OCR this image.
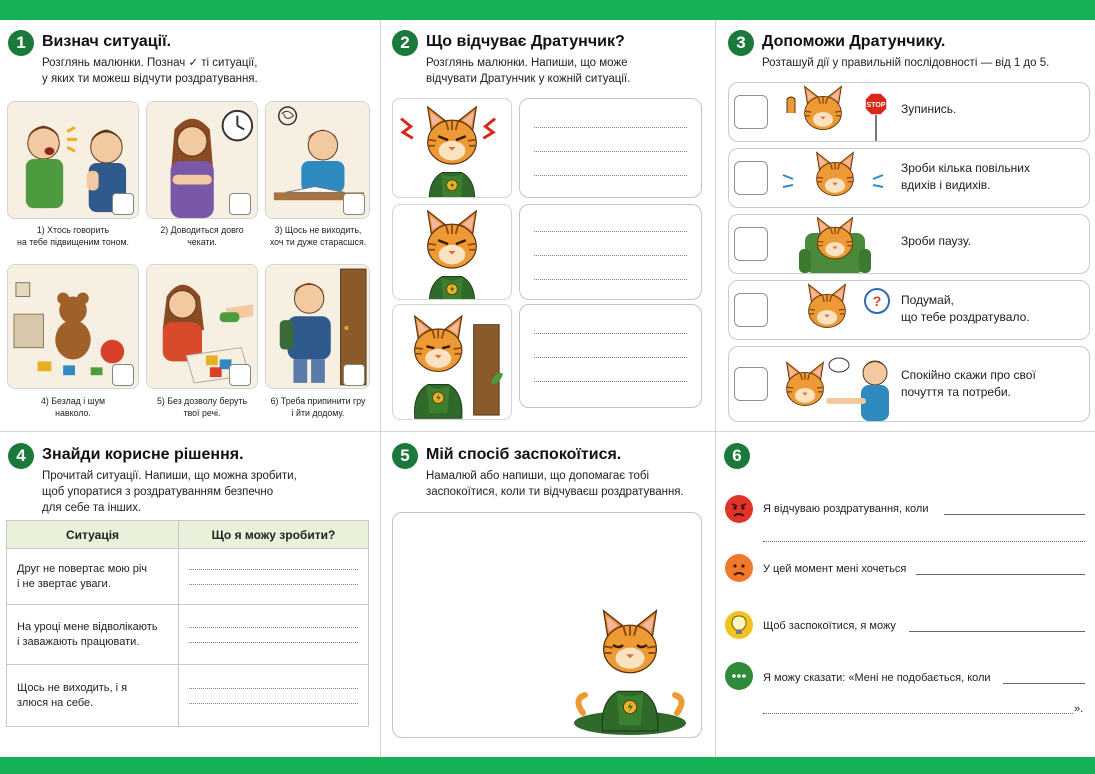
1	Визнач ситуації.
Розглянь малюнки. Познач ✓ ті ситуації,
у яких ти можеш відчути роздратування.
1) Хтось говорить
на тебе підвищеним тоном.
2) Доводиться довго
чекати.
3) Щось не виходить,
хоч ти дуже старасшся.
4) Безлад і шум
навколо.
5) Без дозволу беруть
твої речі.
6) Треба припинити гру
і йти додому.
2	Що відчуває Дратунчик?
Розглянь малюнки. Напиши, що може
відчувати Дратунчик у кожній ситуації.
3	Допоможи Дратунчику.
Розташуй дії у правильній послідовності — від 1 до 5.
STOP Зупинись.
Зроби кілька повільних
вдихів і видихів.
Зроби паузу.
? Подумай,
що тебе роздратувало.
Спокійно скажи про свої
почуття та потреби.
4	Знайди корисне рішення.
Прочитай ситуації. Напиши, що можна зробити,
щоб упоратися з роздратуванням безпечно
для себе та інших.
Ситуація	Що я можу зробити?

Друг не повертає мою річ
і не звертає уваги.	

На уроці мене відволікають
і заважають працювати.	

Щось не виходить, і я
злюся на себе.	

5	Мій спосіб заспокоїтися.
Намалюй або напиши, що допомагає тобі
заспокоїтися, коли ти відчуваєш роздратування.
6
Я відчуваю роздратування, коли
У цей момент мені хочеться
Щоб заспокоїтися, я можу
Я можу сказати: «Мені не подобається, коли
».
